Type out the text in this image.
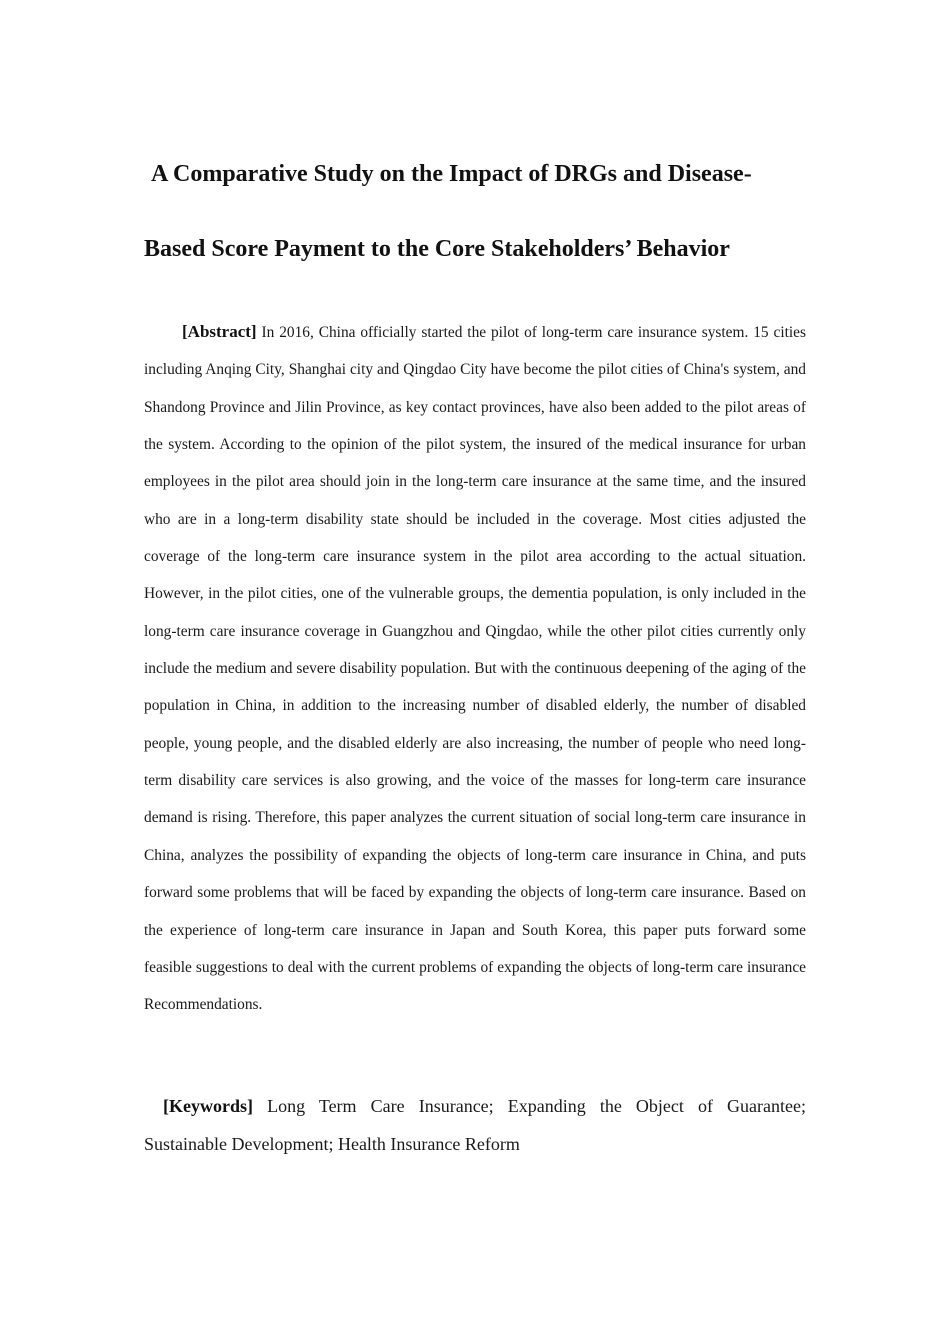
A Comparative Study on the Impact of DRGs and Disease-
Based Score Payment to the Core Stakeholders’ Behavior

[Abstract] In 2016, China officially started the pilot of long-term care insurance system. 15 cities including Anqing City, Shanghai city and Qingdao City have become the pilot cities of China's system, and Shandong Province and Jilin Province, as key contact provinces, have also been added to the pilot areas of the system. According to the opinion of the pilot system, the insured of the medical insurance for urban employees in the pilot area should join in the long-term care insurance at the same time, and the insured who are in a long-term disability state should be included in the coverage. Most cities adjusted the coverage of the long-term care insurance system in the pilot area according to the actual situation. However, in the pilot cities, one of the vulnerable groups, the dementia population, is only included in the long-term care insurance coverage in Guangzhou and Qingdao, while the other pilot cities currently only include the medium and severe disability population. But with the continuous deepening of the aging of the population in China, in addition to the increasing number of disabled elderly, the number of disabled people, young people, and the disabled elderly are also increasing, the number of people who need long-term disability care services is also growing, and the voice of the masses for long-term care insurance demand is rising. Therefore, this paper analyzes the current situation of social long-term care insurance in China, analyzes the possibility of expanding the objects of long-term care insurance in China, and puts forward some problems that will be faced by expanding the objects of long-term care insurance. Based on the experience of long-term care insurance in Japan and South Korea, this paper puts forward some feasible suggestions to deal with the current problems of expanding the objects of long-term care insurance Recommendations.

[Keywords] Long Term Care Insurance; Expanding the Object of Guarantee; Sustainable Development; Health Insurance Reform
